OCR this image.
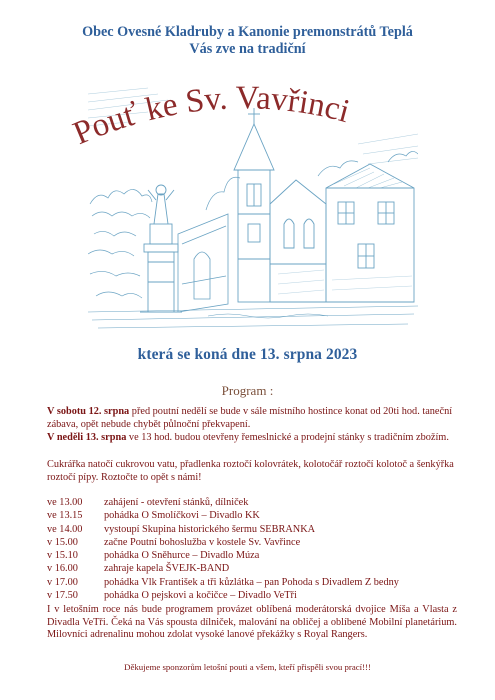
Obec Ovesné Kladruby a Kanonie premonstrátů Teplá
Vás zve na tradiční
Pouť ke Sv. Vavřinci
která se koná dne 13. srpna 2023
Program :
V sobotu 12. srpna před poutní nedělí se bude v sále místního hostince konat od 20ti hod. taneční zábava, opět nebude chybět půlnoční překvapení.
V neděli 13. srpna ve 13 hod. budou otevřeny řemeslnické a prodejní stánky s tradičním zbožím.
Cukrářka natočí cukrovou vatu, přadlenka roztočí kolovrátek, kolotočář roztočí kolotoč a šenkýřka roztočí pípy. Roztočte to opět s námi!
ve 13.00 zahájení - otevření stánků, dílniček
ve 13.15 pohádka O Smolíčkovi – Divadlo KK
ve 14.00 vystoupí Skupina historického šermu SEBRANKA
v 15.00	začne Poutní bohoslužba v kostele Sv. Vavřince
v 15.10	pohádka O Sněhurce – Divadlo Múza
v 16.00	zahraje kapela ŠVEJK-BAND
v 17.00	pohádka Vlk František a tři kůzlátka – pan Pohoda s Divadlem Z bedny
v 17.50	pohádka O pejskovi a kočičce – Divadlo VeTři
I v letošním roce nás bude programem provázet oblíbená moderátorská dvojice Míša a Vlasta z Divadla VeTři. Čeká na Vás spousta dílniček, malování na obličej a oblíbené Mobilní planetárium. Milovníci adrenalinu mohou zdolat vysoké lanové překážky s Royal Rangers.
Děkujeme sponzorům letošní pouti a všem, kteří přispěli svou prací!!!
